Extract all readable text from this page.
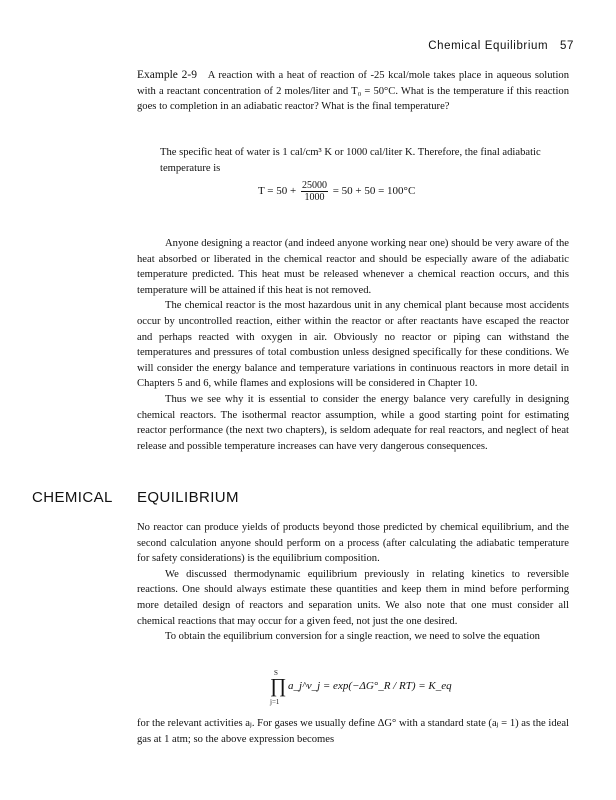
Chemical Equilibrium 57

Example 2-9 A reaction with a heat of reaction of -25 kcal/mole takes place in aqueous solution with a reactant concentration of 2 moles/liter and T₀ = 50°C. What is the temperature if this reaction goes to completion in an adiabatic reactor? What is the final temperature?

The specific heat of water is 1 cal/cm³ K or 1000 cal/liter K. Therefore, the final adiabatic temperature is

$T = 50 + \frac{25000}{1000} = 50 + 50 = 100^\circ C$

Anyone designing a reactor (and indeed anyone working near one) should be very aware of the heat absorbed or liberated in the chemical reactor and should be especially aware of the adiabatic temperature predicted. This heat must be released whenever a chemical reaction occurs, and this temperature will be attained if this heat is not removed.

The chemical reactor is the most hazardous unit in any chemical plant because most accidents occur by uncontrolled reaction, either within the reactor or after reactants have escaped the reactor and perhaps reacted with oxygen in air. Obviously no reactor or piping can withstand the temperatures and pressures of total combustion unless designed specifically for these conditions. We will consider the energy balance and temperature variations in continuous reactors in more detail in Chapters 5 and 6, while flames and explosions will be considered in Chapter 10.

Thus we see why it is essential to consider the energy balance very carefully in designing chemical reactors. The isothermal reactor assumption, while a good starting point for estimating reactor performance (the next two chapters), is seldom adequate for real reactors, and neglect of heat release and possible temperature increases can have very dangerous consequences.

CHEMICAL EQUILIBRIUM

No reactor can produce yields of products beyond those predicted by chemical equilibrium, and the second calculation anyone should perform on a process (after calculating the adiabatic temperature for safety considerations) is the equilibrium composition.

We discussed thermodynamic equilibrium previously in relating kinetics to reversible reactions. One should always estimate these quantities and keep them in mind before performing more detailed design of reactors and separation units. We also note that one must consider all chemical reactions that may occur for a given feed, not just the one desired.

To obtain the equilibrium conversion for a single reaction, we need to solve the equation

S
∏
j=1
a_j^ν_j = exp(−ΔG°_R / RT) = K_eq

for the relevant activities aⱼ. For gases we usually define ΔG° with a standard state (aⱼ = 1) as the ideal gas at 1 atm; so the above expression becomes
